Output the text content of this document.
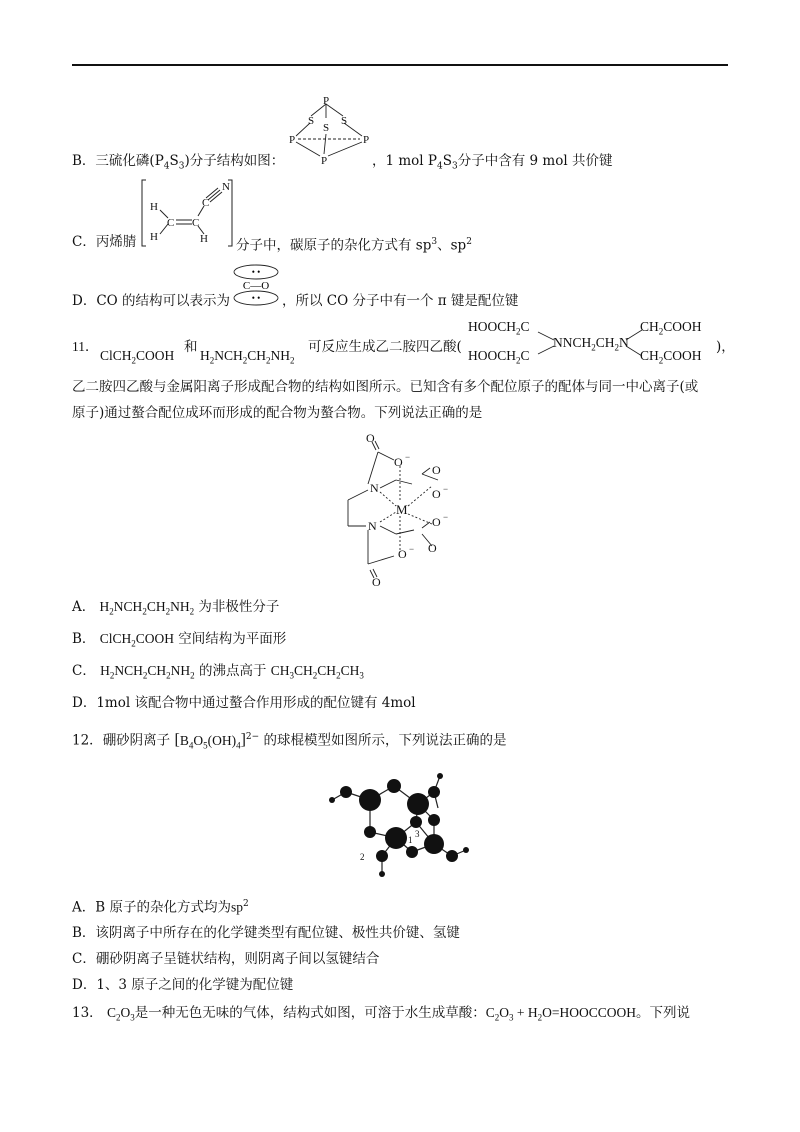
B．三硫化磷$(P_4S_3)$分子结构如图：
P
S
S
S
P	P
P	，1 mol $P_4S_3$分子中含有 9 mol 共价键
C．丙烯腈
H
H
C C
C
H
N
分子中，碳原子的杂化方式有 $sp^3$、$sp^2$
D．CO 的结构可以表示为
• •
C—O
• • ，所以 CO 分子中有一个 π 键是配位键
11．
ClCH$_2$COOH
和
$H_2NCH_2CH_2NH_2$
可反应生成乙二胺四乙酸(
$HOOCH_2C$
$HOOCH_2C$
$NNCH_2CH_2N$
$CH_2COOH$
$CH_2COOH$
)，
乙二胺四乙酸与金属阳离子形成配合物的结构如图所示。已知含有多个配位原子的配体与同一中心离子(或
原子)通过螯合配位成环而形成的配合物为螯合物。下列说法正确的是
O
O −
O
O −
N
M
N	O −
O
O −
O
A． $H_2NCH_2CH_2NH_2$ 为非极性分子
B． ClCH$_2$COOH 空间结构为平面形
C． $H_2NCH_2CH_2NH_2$ 的沸点高于 $CH_3CH_2CH_2CH_3$
D．1mol 该配合物中通过螯合作用形成的配位键有 4mol
12．硼砂阴离子 $[B_4O_5(OH)_4]^{2-}$ 的球棍模型如图所示，下列说法正确的是
1
2
3
A．B 原子的杂化方式均为$sp^2$
B．该阴离子中所存在的化学键类型有配位键、极性共价键、氢键
C．硼砂阴离子呈链状结构，则阴离子间以氢键结合
D．1、3 原子之间的化学键为配位键
13． $C_2O_3$是一种无色无味的气体，结构式如图，可溶于水生成草酸：$C_2O_3$ + $H_2O=HOOCCOOH$。下列说
